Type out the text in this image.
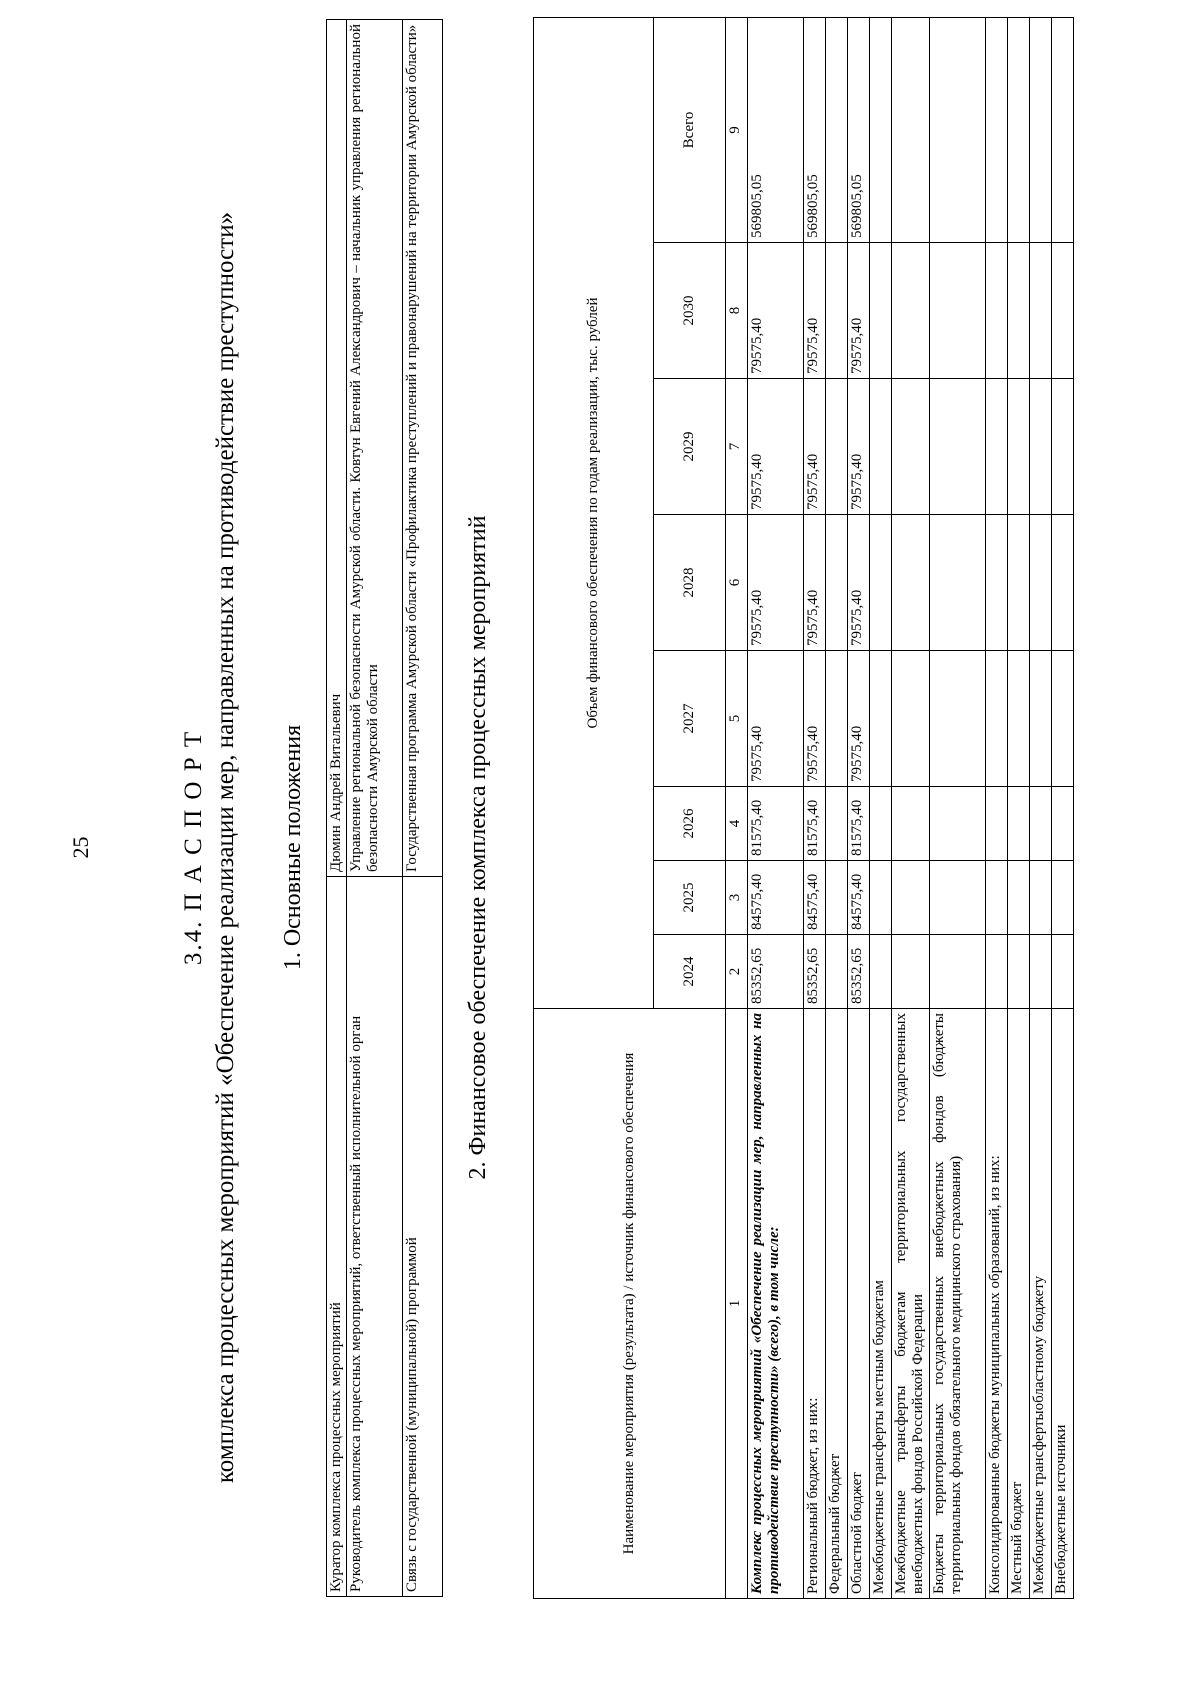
25	3.4. П А С П О Р Т комплекса процессных мероприятий «Обеспечение реализации мер, направленных на противодействие преступности» 1. Основные положения
Куратор комплекса процессных мероприятий	Дюмин Андрей Витальевич
Руководитель комплекса процессных мероприятий, ответственный исполнительной орган	Управление региональной безопасности Амурской области. Ковтун Евгений Александрович – начальник управления региональной безопасности Амурской области
Связь с государственной (муниципальной) программой	Государственная программа Амурской области «Профилактика преступлений и правонарушений на территории Амурской области» 2. Финансовое обеспечение комплекса процессных мероприятий
Наименование мероприятия (результата) / источник финансового обеспечения	Объем финансового обеспечения по годам реализации, тыс. рублей							
	2024	2025	2026	2027	2028	2029	2030	Всего
1	2	3	4	5	6	7	8	9
Комплекс процессных мероприятий «Обеспечение реализации мер, направленных на противодействие преступности» (всего), в том числе:	85352,65	84575,40	81575,40	79575,40	79575,40	79575,40	79575,40	569805,05
Региональный бюджет, из них:	85352,65	84575,40	81575,40	79575,40	79575,40	79575,40	79575,40	569805,05
Федеральный бюджет								
Областной бюджет	85352,65	84575,40	81575,40	79575,40	79575,40	79575,40	79575,40	569805,05
Межбюджетные трансферты местным бюджетам								
Межбюджетные трансферты бюджетам территориальных государственных внебюджетных фондов Российской Федерации								
Бюджеты территориальных государственных внебюджетных фондов (бюджеты территориальных фондов обязательного медицинского страхования)								
Консолидированные бюджеты муниципальных образований, из них:								
Местный бюджет								
Межбюджетные трансфертыобластному бюджету								
Внебюджетные источники								
